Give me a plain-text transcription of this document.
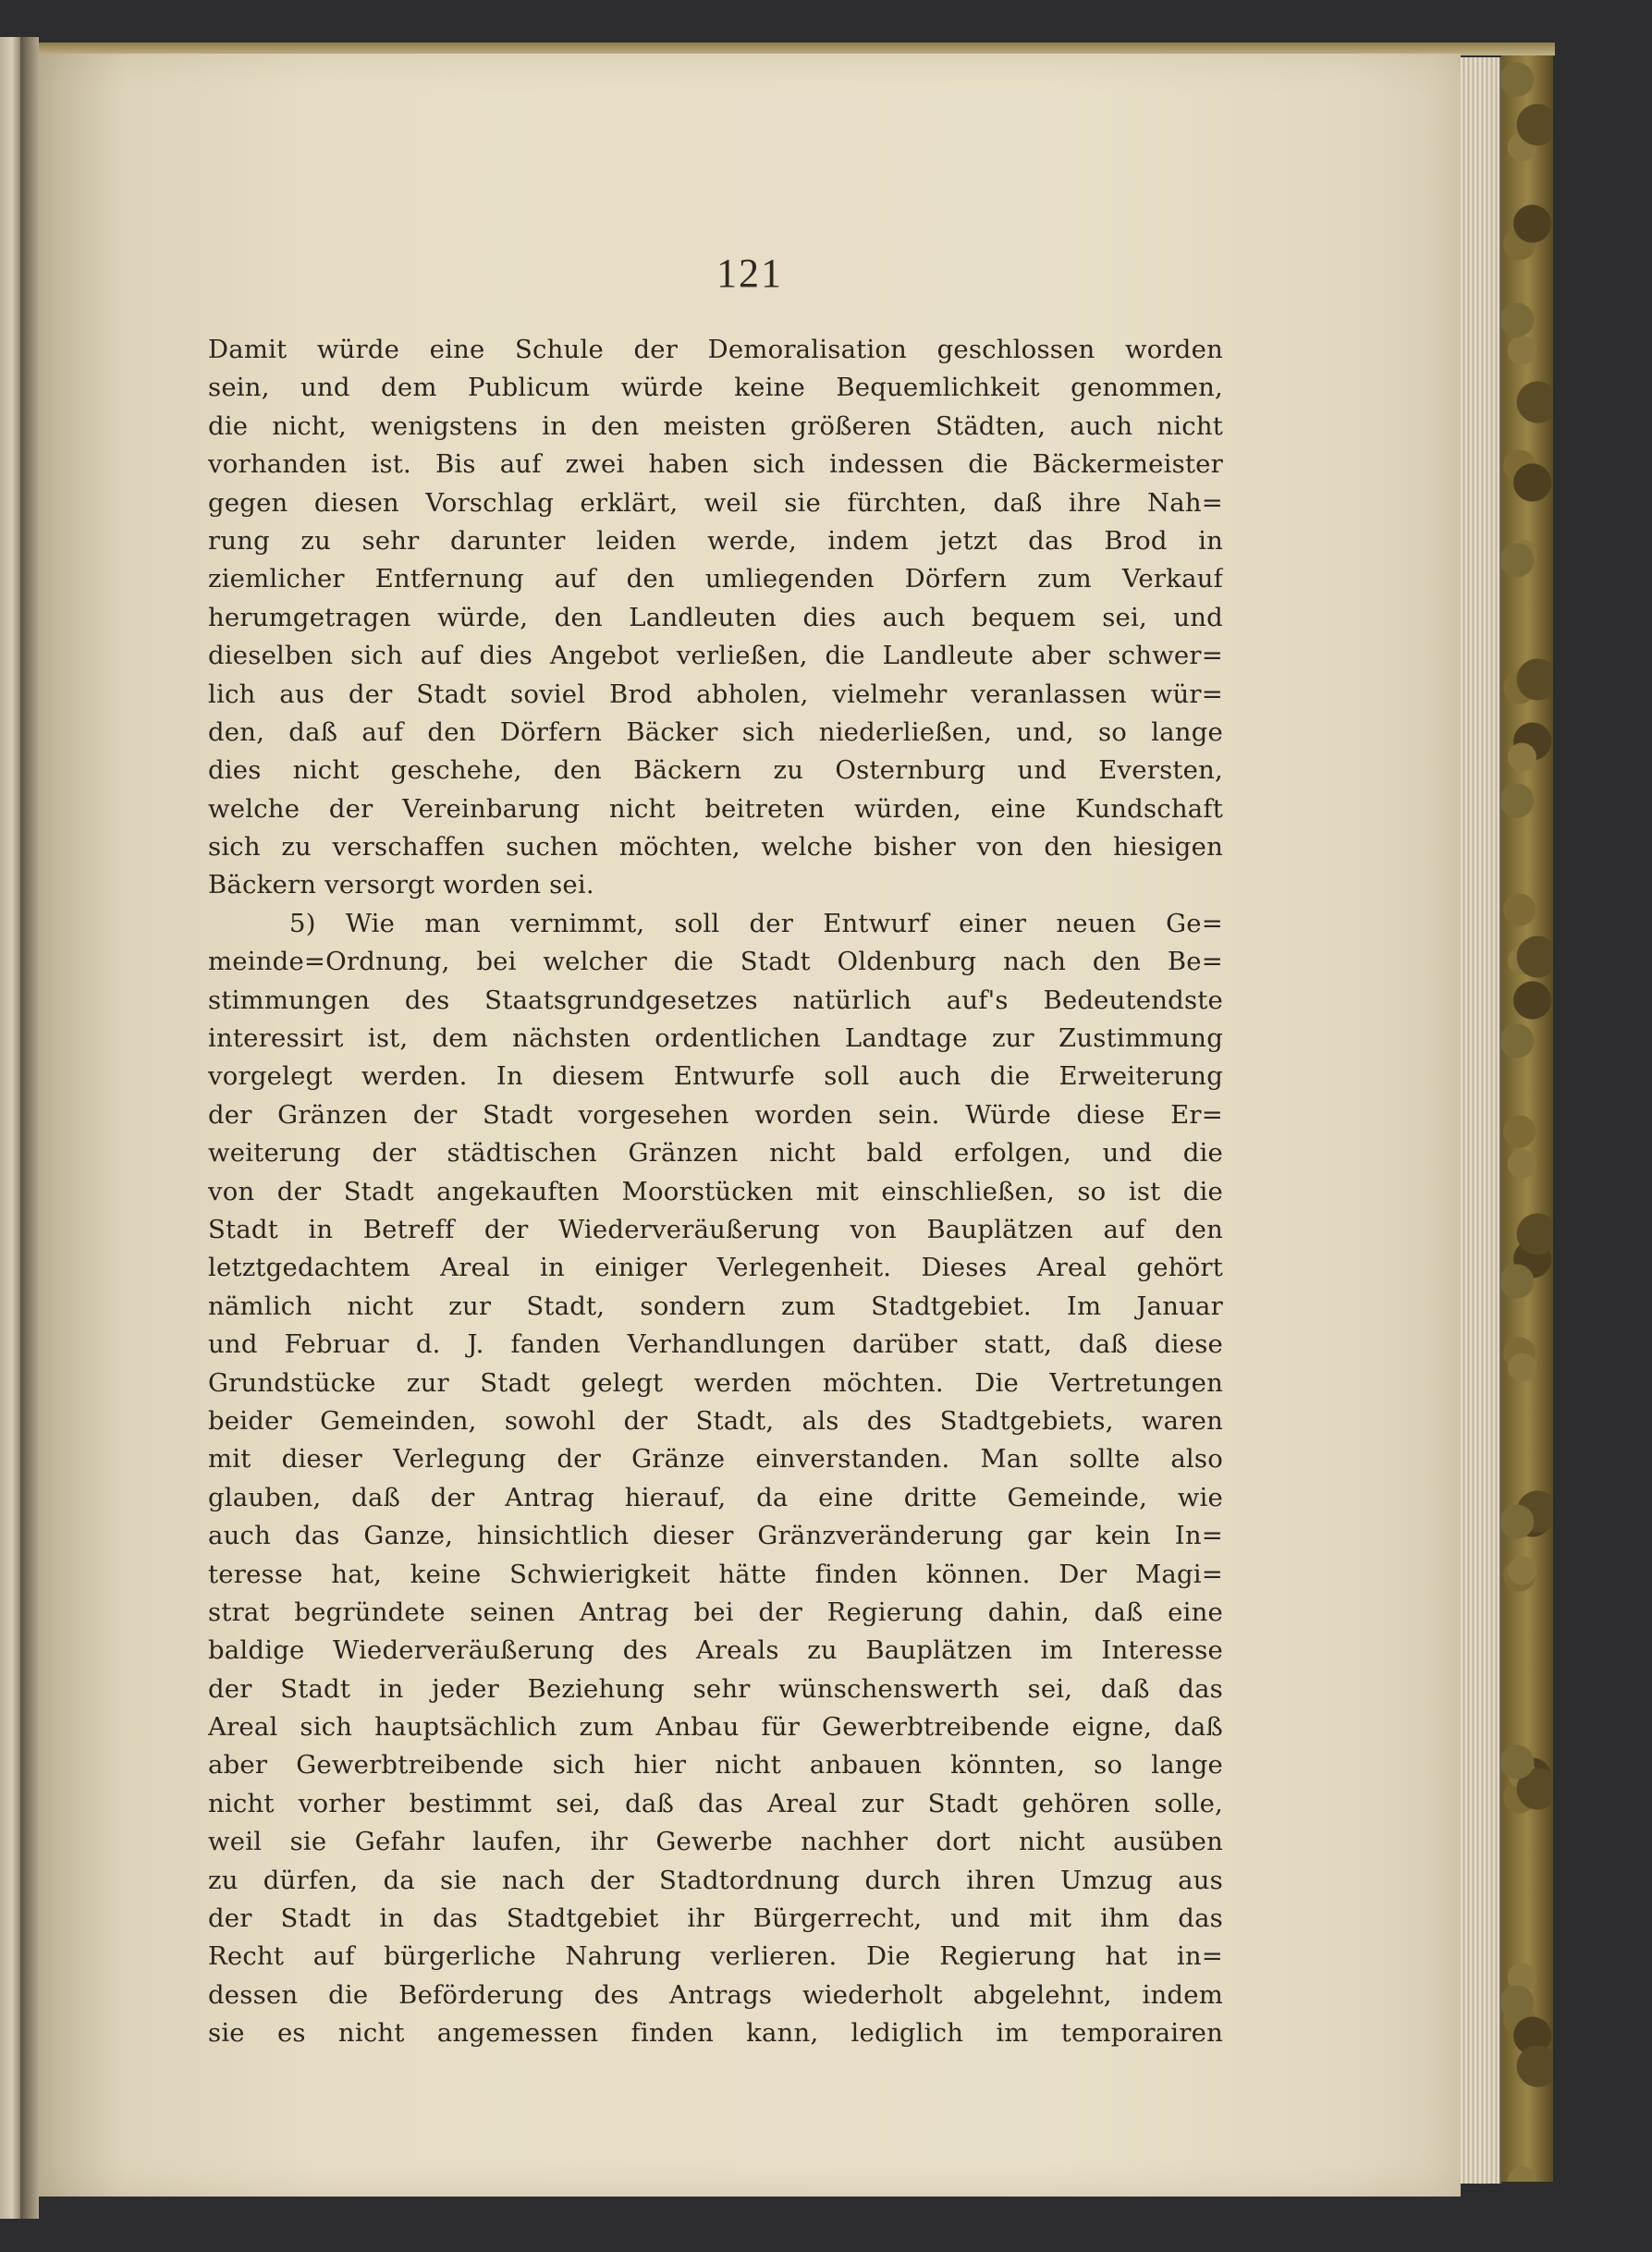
121
Damit würde eine Schule der Demoralisation geschlossen worden
sein, und dem Publicum würde keine Bequemlichkeit genommen,
die nicht, wenigstens in den meisten größeren Städten, auch nicht
vorhanden ist. Bis auf zwei haben sich indessen die Bäckermeister
gegen diesen Vorschlag erklärt, weil sie fürchten, daß ihre Nah=
rung zu sehr darunter leiden werde, indem jetzt das Brod in
ziemlicher Entfernung auf den umliegenden Dörfern zum Verkauf
herumgetragen würde, den Landleuten dies auch bequem sei, und
dieselben sich auf dies Angebot verließen, die Landleute aber schwer=
lich aus der Stadt soviel Brod abholen, vielmehr veranlassen wür=
den, daß auf den Dörfern Bäcker sich niederließen, und, so lange
dies nicht geschehe, den Bäckern zu Osternburg und Eversten,
welche der Vereinbarung nicht beitreten würden, eine Kundschaft
sich zu verschaffen suchen möchten, welche bisher von den hiesigen
Bäckern versorgt worden sei.
5) Wie man vernimmt, soll der Entwurf einer neuen Ge=
meinde=Ordnung, bei welcher die Stadt Oldenburg nach den Be=
stimmungen des Staatsgrundgesetzes natürlich auf's Bedeutendste
interessirt ist, dem nächsten ordentlichen Landtage zur Zustimmung
vorgelegt werden. In diesem Entwurfe soll auch die Erweiterung
der Gränzen der Stadt vorgesehen worden sein. Würde diese Er=
weiterung der städtischen Gränzen nicht bald erfolgen, und die
von der Stadt angekauften Moorstücken mit einschließen, so ist die
Stadt in Betreff der Wiederveräußerung von Bauplätzen auf den
letztgedachtem Areal in einiger Verlegenheit. Dieses Areal gehört
nämlich nicht zur Stadt, sondern zum Stadtgebiet. Im Januar
und Februar d. J. fanden Verhandlungen darüber statt, daß diese
Grundstücke zur Stadt gelegt werden möchten. Die Vertretungen
beider Gemeinden, sowohl der Stadt, als des Stadtgebiets, waren
mit dieser Verlegung der Gränze einverstanden. Man sollte also
glauben, daß der Antrag hierauf, da eine dritte Gemeinde, wie
auch das Ganze, hinsichtlich dieser Gränzveränderung gar kein In=
teresse hat, keine Schwierigkeit hätte finden können. Der Magi=
strat begründete seinen Antrag bei der Regierung dahin, daß eine
baldige Wiederveräußerung des Areals zu Bauplätzen im Interesse
der Stadt in jeder Beziehung sehr wünschenswerth sei, daß das
Areal sich hauptsächlich zum Anbau für Gewerbtreibende eigne, daß
aber Gewerbtreibende sich hier nicht anbauen könnten, so lange
nicht vorher bestimmt sei, daß das Areal zur Stadt gehören solle,
weil sie Gefahr laufen, ihr Gewerbe nachher dort nicht ausüben
zu dürfen, da sie nach der Stadtordnung durch ihren Umzug aus
der Stadt in das Stadtgebiet ihr Bürgerrecht, und mit ihm das
Recht auf bürgerliche Nahrung verlieren. Die Regierung hat in=
dessen die Beförderung des Antrags wiederholt abgelehnt, indem
sie es nicht angemessen finden kann, lediglich im temporairen
